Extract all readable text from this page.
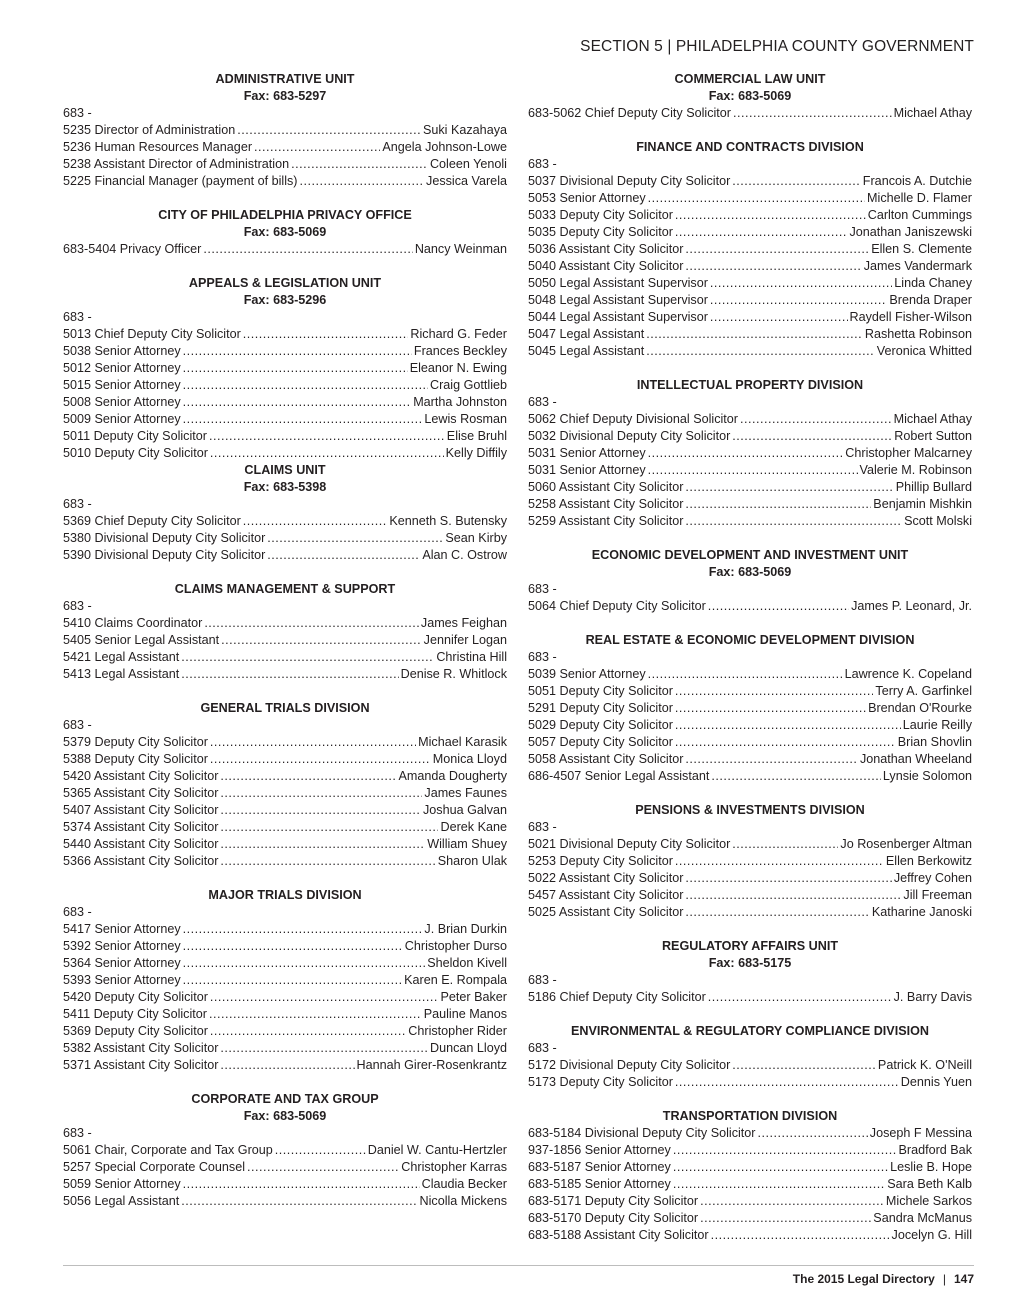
SECTION 5 | PHILADELPHIA COUNTY GOVERNMENT
ADMINISTRATIVE UNIT
Fax: 683-5297
683 -
5235 Director of Administration .....	Suki Kazahaya
5236 Human Resources Manager .....	Angela Johnson-Lowe
5238 Assistant Director of Administration .....	Coleen Yenoli
5225 Financial Manager (payment of bills) .....	Jessica Varela
CITY OF PHILADELPHIA PRIVACY OFFICE
Fax: 683-5069
683-5404 Privacy Officer .....	Nancy Weinman
APPEALS & LEGISLATION UNIT
Fax: 683-5296
683 -
5013 Chief Deputy City Solicitor .....	Richard G. Feder
5038 Senior Attorney .....	Frances Beckley
5012 Senior Attorney .....	Eleanor N. Ewing
5015 Senior Attorney .....	Craig Gottlieb
5008 Senior Attorney .....	Martha Johnston
5009 Senior Attorney .....	Lewis Rosman
5011 Deputy City Solicitor .....	Elise Bruhl
5010 Deputy City Solicitor .....	Kelly Diffily
CLAIMS UNIT
Fax: 683-5398
683 -
5369 Chief Deputy City Solicitor .....	Kenneth S. Butensky
5380 Divisional Deputy City Solicitor .....	Sean Kirby
5390 Divisional Deputy City Solicitor .....	Alan C. Ostrow
CLAIMS MANAGEMENT & SUPPORT
683 -
5410 Claims Coordinator .....	James Feighan
5405 Senior Legal Assistant .....	Jennifer Logan
5421 Legal Assistant .....	Christina Hill
5413 Legal Assistant .....	Denise R. Whitlock
GENERAL TRIALS DIVISION
683 -
5379 Deputy City Solicitor .....	Michael Karasik
5388 Deputy City Solicitor .....	Monica Lloyd
5420 Assistant City Solicitor .....	Amanda Dougherty
5365 Assistant City Solicitor .....	James Faunes
5407 Assistant City Solicitor .....	Joshua Galvan
5374 Assistant City Solicitor .....	Derek Kane
5440 Assistant City Solicitor .....	William Shuey
5366 Assistant City Solicitor .....	Sharon Ulak
MAJOR TRIALS DIVISION
683 -
5417 Senior Attorney .....	J. Brian Durkin
5392 Senior Attorney .....	Christopher Durso
5364 Senior Attorney .....	Sheldon Kivell
5393 Senior Attorney .....	Karen E. Rompala
5420 Deputy City Solicitor .....	Peter Baker
5411 Deputy City Solicitor .....	Pauline Manos
5369 Deputy City Solicitor .....	Christopher Rider
5382 Assistant City Solicitor .....	Duncan Lloyd
5371 Assistant City Solicitor .....	Hannah Girer-Rosenkrantz
CORPORATE AND TAX GROUP
Fax: 683-5069
683 -
5061 Chair, Corporate and Tax Group .....	Daniel W. Cantu-Hertzler
5257 Special Corporate Counsel .....	Christopher Karras
5059 Senior Attorney .....	Claudia Becker
5056 Legal Assistant .....	Nicolla Mickens
COMMERCIAL LAW UNIT
Fax: 683-5069
683-5062 Chief Deputy City Solicitor .....	Michael Athay
FINANCE AND CONTRACTS DIVISION
683 -
5037 Divisional Deputy City Solicitor .....	Francois A. Dutchie
5053 Senior Attorney .....	Michelle D. Flamer
5033 Deputy City Solicitor .....	Carlton Cummings
5035 Deputy City Solicitor .....	Jonathan Janiszewski
5036 Assistant City Solicitor .....	Ellen S. Clemente
5040 Assistant City Solicitor .....	James Vandermark
5050 Legal Assistant Supervisor .....	Linda Chaney
5048 Legal Assistant Supervisor .....	Brenda Draper
5044 Legal Assistant Supervisor .....	Raydell Fisher-Wilson
5047 Legal Assistant .....	Rashetta Robinson
5045 Legal Assistant .....	Veronica Whitted
INTELLECTUAL PROPERTY DIVISION
683 -
5062 Chief Deputy Divisional Solicitor .....	Michael Athay
5032 Divisional Deputy City Solicitor .....	Robert Sutton
5031 Senior Attorney .....	Christopher Malcarney
5031 Senior Attorney .....	Valerie M. Robinson
5060 Assistant City Solicitor .....	Phillip Bullard
5258 Assistant City Solicitor .....	Benjamin Mishkin
5259 Assistant City Solicitor .....	Scott Molski
ECONOMIC DEVELOPMENT AND INVESTMENT UNIT
Fax: 683-5069
683 -
5064 Chief Deputy City Solicitor .....	James P. Leonard, Jr.
REAL ESTATE & ECONOMIC DEVELOPMENT DIVISION
683 -
5039 Senior Attorney .....	Lawrence K. Copeland
5051 Deputy City Solicitor .....	Terry A. Garfinkel
5291 Deputy City Solicitor .....	Brendan O'Rourke
5029 Deputy City Solicitor .....	Laurie Reilly
5057 Deputy City Solicitor .....	Brian Shovlin
5058 Assistant City Solicitor .....	Jonathan Wheeland
686-4507 Senior Legal Assistant .....	Lynsie Solomon
PENSIONS & INVESTMENTS DIVISION
683 -
5021 Divisional Deputy City Solicitor .....	Jo Rosenberger Altman
5253 Deputy City Solicitor .....	Ellen Berkowitz
5022 Assistant City Solicitor .....	Jeffrey Cohen
5457 Assistant City Solicitor .....	Jill Freeman
5025 Assistant City Solicitor .....	Katharine Janoski
REGULATORY AFFAIRS UNIT
Fax: 683-5175
683 -
5186 Chief Deputy City Solicitor .....	J. Barry Davis
ENVIRONMENTAL & REGULATORY COMPLIANCE DIVISION
683 -
5172 Divisional Deputy City Solicitor .....	Patrick K. O'Neill
5173 Deputy City Solicitor .....	Dennis Yuen
TRANSPORTATION DIVISION
683-5184 Divisional Deputy City Solicitor .....	Joseph F Messina
937-1856 Senior Attorney .....	Bradford Bak
683-5187 Senior Attorney .....	Leslie B. Hope
683-5185 Senior Attorney .....	Sara Beth Kalb
683-5171 Deputy City Solicitor .....	Michele Sarkos
683-5170 Deputy City Solicitor .....	Sandra McManus
683-5188 Assistant City Solicitor .....	Jocelyn G. Hill
The 2015 Legal Directory | 147
